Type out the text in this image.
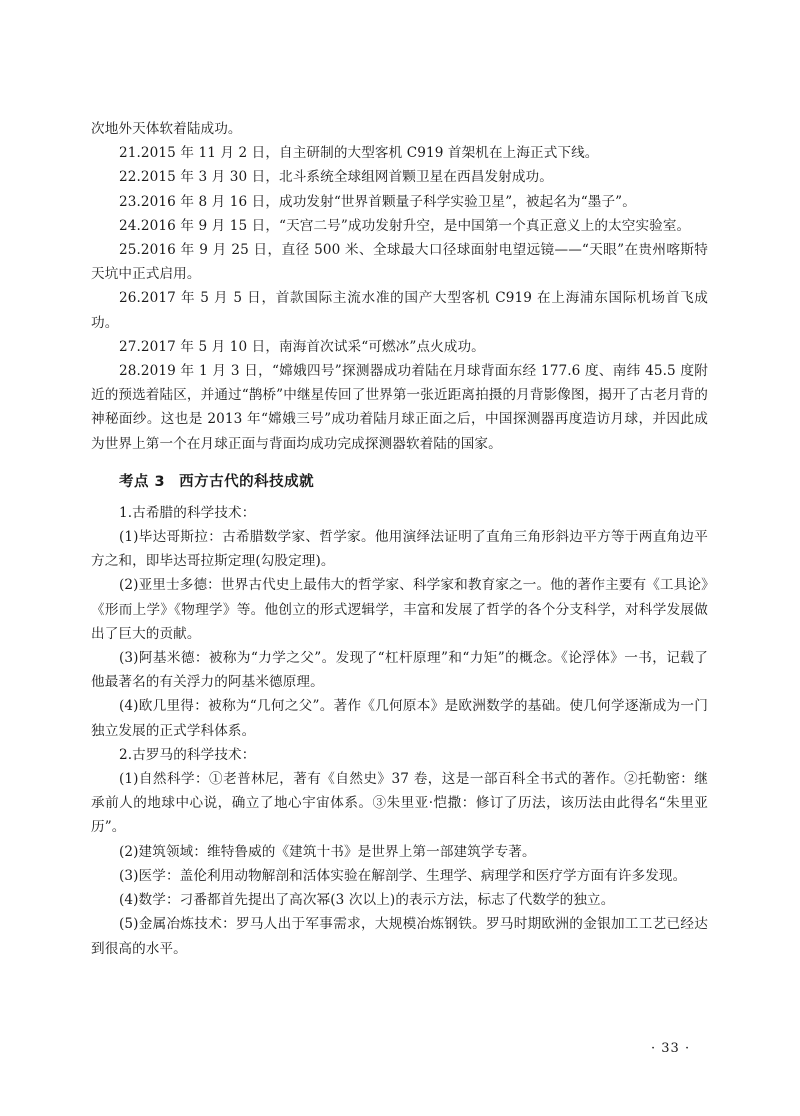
次地外天体软着陆成功。

21.2015 年 11 月 2 日，自主研制的大型客机 C919 首架机在上海正式下线。

22.2015 年 3 月 30 日，北斗系统全球组网首颗卫星在西昌发射成功。

23.2016 年 8 月 16 日，成功发射“世界首颗量子科学实验卫星”，被起名为“墨子”。

24.2016 年 9 月 15 日，“天宫二号”成功发射升空，是中国第一个真正意义上的太空实验室。

25.2016 年 9 月 25 日，直径 500 米、全球最大口径球面射电望远镜——“天眼”在贵州喀斯特天坑中正式启用。

26.2017 年 5 月 5 日，首款国际主流水准的国产大型客机 C919 在上海浦东国际机场首飞成功。

27.2017 年 5 月 10 日，南海首次试采“可燃冰”点火成功。

28.2019 年 1 月 3 日，“嫦娥四号”探测器成功着陆在月球背面东经 177.6 度、南纬 45.5 度附近的预选着陆区，并通过“鹊桥”中继星传回了世界第一张近距离拍摄的月背影像图，揭开了古老月背的神秘面纱。这也是 2013 年“嫦娥三号”成功着陆月球正面之后，中国探测器再度造访月球，并因此成为世界上第一个在月球正面与背面均成功完成探测器软着陆的国家。

考点 3 西方古代的科技成就

1.古希腊的科学技术：

(1)毕达哥斯拉：古希腊数学家、哲学家。他用演绎法证明了直角三角形斜边平方等于两直角边平方之和，即毕达哥拉斯定理(勾股定理)。

(2)亚里士多德：世界古代史上最伟大的哲学家、科学家和教育家之一。他的著作主要有《工具论》《形而上学》《物理学》等。他创立的形式逻辑学，丰富和发展了哲学的各个分支科学，对科学发展做出了巨大的贡献。

(3)阿基米德：被称为“力学之父”。发现了“杠杆原理”和“力矩”的概念。《论浮体》一书，记载了他最著名的有关浮力的阿基米德原理。

(4)欧几里得：被称为“几何之父”。著作《几何原本》是欧洲数学的基础。使几何学逐渐成为一门独立发展的正式学科体系。

2.古罗马的科学技术：

(1)自然科学：①老普林尼，著有《自然史》37 卷，这是一部百科全书式的著作。②托勒密：继承前人的地球中心说，确立了地心宇宙体系。③朱里亚·恺撒：修订了历法，该历法由此得名“朱里亚历”。

(2)建筑领域：维特鲁威的《建筑十书》是世界上第一部建筑学专著。

(3)医学：盖伦利用动物解剖和活体实验在解剖学、生理学、病理学和医疗学方面有许多发现。

(4)数学：刁番都首先提出了高次幂(3 次以上)的表示方法，标志了代数学的独立。

(5)金属冶炼技术：罗马人出于军事需求，大规模冶炼钢铁。罗马时期欧洲的金银加工工艺已经达到很高的水平。

· 33 ·
